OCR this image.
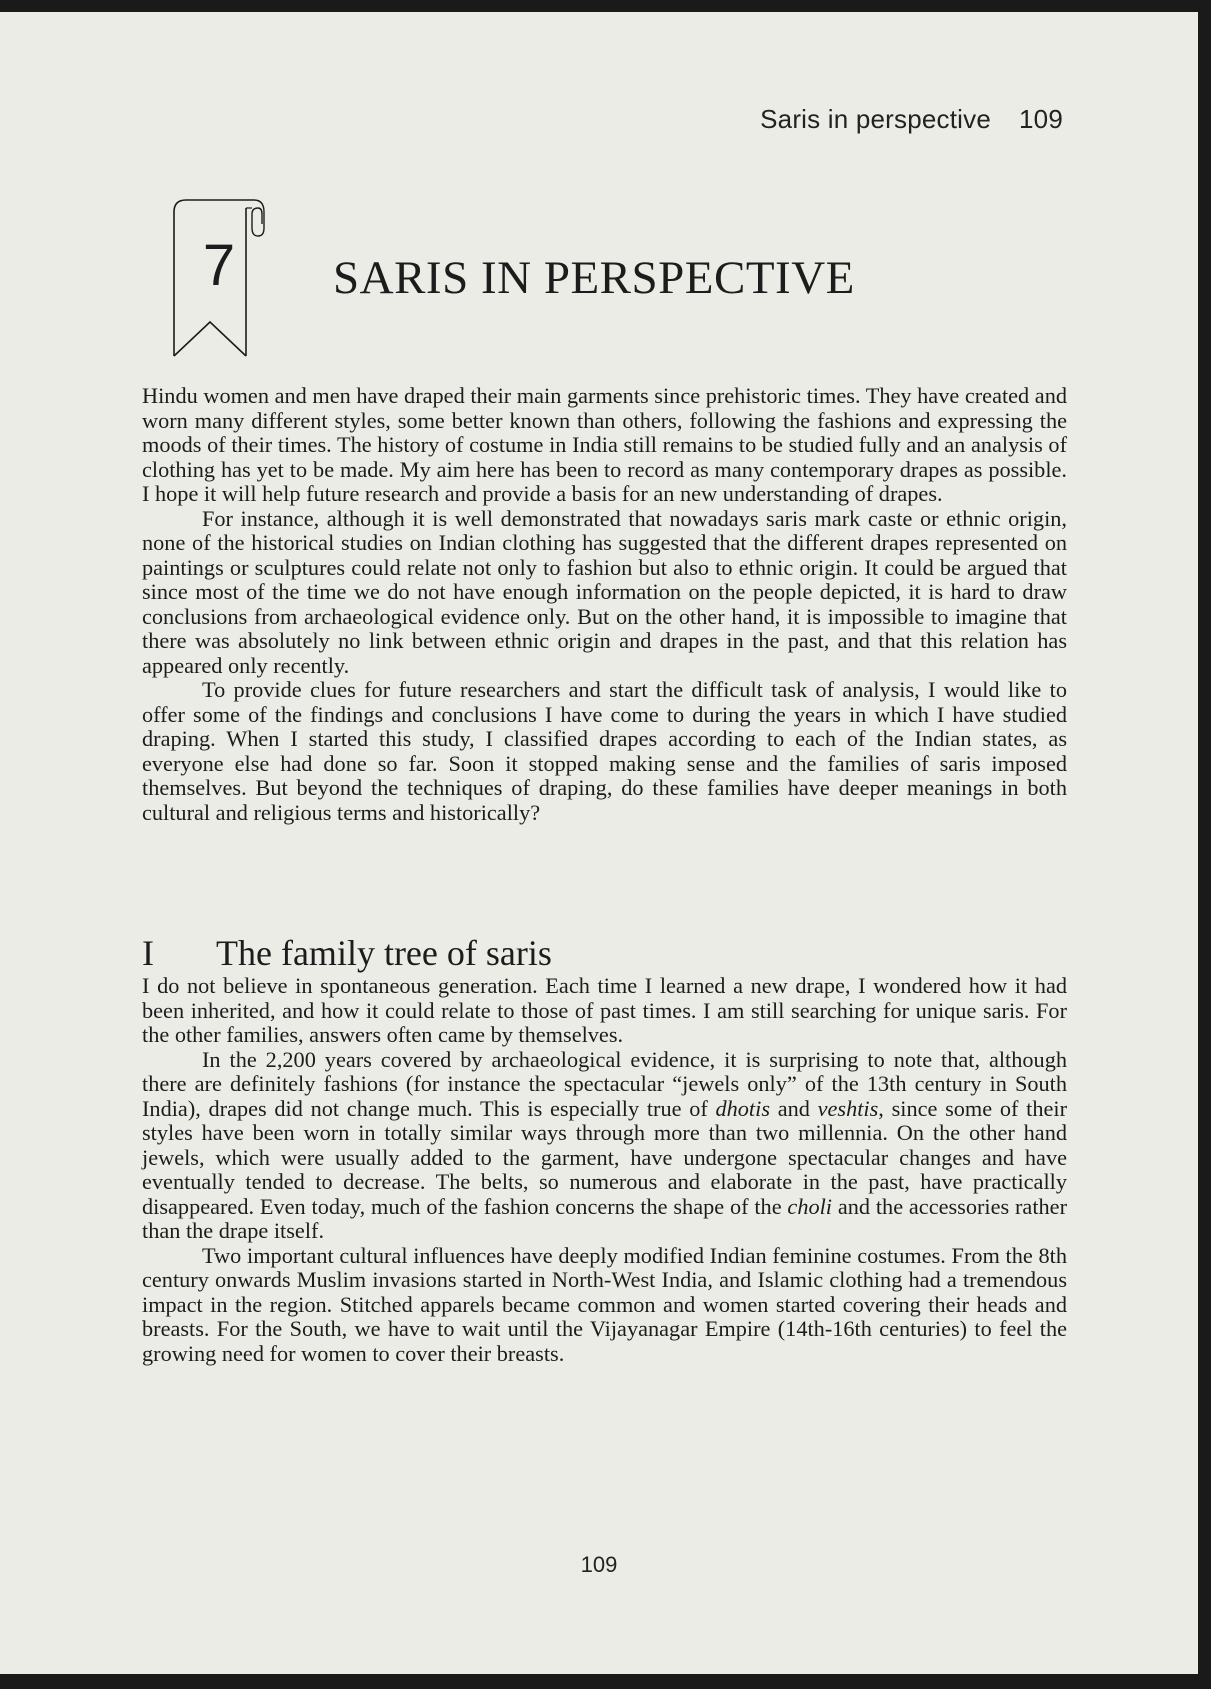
Saris in perspective 109
7 SARIS IN PERSPECTIVE

Hindu women and men have draped their main garments since prehistoric times. They have created and worn many different styles, some better known than others, following the fashions and expressing the moods of their times. The history of costume in India still remains to be studied fully and an analysis of clothing has yet to be made. My aim here has been to record as many contemporary drapes as possible. I hope it will help future research and provide a basis for an new understanding of drapes.

For instance, although it is well demonstrated that nowadays saris mark caste or ethnic origin, none of the historical studies on Indian clothing has suggested that the different drapes represented on paintings or sculptures could relate not only to fashion but also to ethnic origin. It could be argued that since most of the time we do not have enough information on the people depicted, it is hard to draw conclusions from archaeological evidence only. But on the other hand, it is impossible to imagine that there was absolutely no link between ethnic origin and drapes in the past, and that this relation has appeared only recently.

To provide clues for future researchers and start the difficult task of analysis, I would like to offer some of the findings and conclusions I have come to during the years in which I have studied draping. When I started this study, I classified drapes according to each of the Indian states, as everyone else had done so far. Soon it stopped making sense and the families of saris imposed themselves. But beyond the techniques of draping, do these families have deeper meanings in both cultural and religious terms and historically?

I	The family tree of saris

I do not believe in spontaneous generation. Each time I learned a new drape, I wondered how it had been inherited, and how it could relate to those of past times. I am still searching for unique saris. For the other families, answers often came by themselves.

In the 2,200 years covered by archaeological evidence, it is surprising to note that, although there are definitely fashions (for instance the spectacular “jewels only” of the 13th century in South India), drapes did not change much. This is especially true of dhotis and veshtis, since some of their styles have been worn in totally similar ways through more than two millennia. On the other hand jewels, which were usually added to the garment, have undergone spectacular changes and have eventually tended to decrease. The belts, so numerous and elaborate in the past, have practically disappeared. Even today, much of the fashion concerns the shape of the choli and the accessories rather than the drape itself.

Two important cultural influences have deeply modified Indian feminine costumes. From the 8th century onwards Muslim invasions started in North-West India, and Islamic clothing had a tremendous impact in the region. Stitched apparels became common and women started covering their heads and breasts. For the South, we have to wait until the Vijayanagar Empire (14th-16th centuries) to feel the growing need for women to cover their breasts.

109
